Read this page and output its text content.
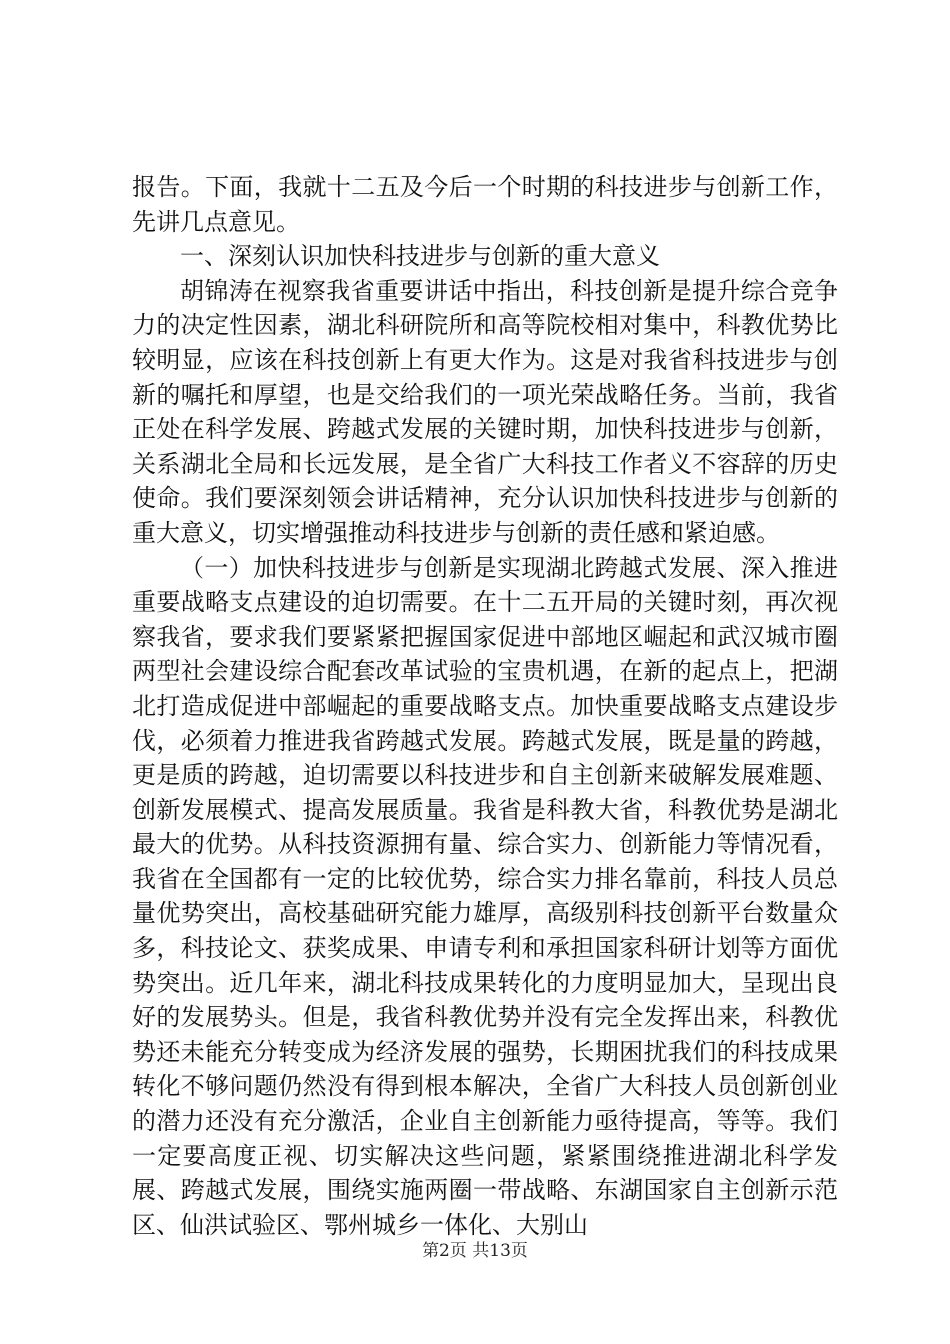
报告。下面，我就十二五及今后一个时期的科技进步与创新工作，先讲几点意见。

一、深刻认识加快科技进步与创新的重大意义

胡锦涛在视察我省重要讲话中指出，科技创新是提升综合竞争力的决定性因素，湖北科研院所和高等院校相对集中，科教优势比较明显，应该在科技创新上有更大作为。这是对我省科技进步与创新的嘱托和厚望，也是交给我们的一项光荣战略任务。当前，我省正处在科学发展、跨越式发展的关键时期，加快科技进步与创新，关系湖北全局和长远发展，是全省广大科技工作者义不容辞的历史使命。我们要深刻领会讲话精神，充分认识加快科技进步与创新的重大意义，切实增强推动科技进步与创新的责任感和紧迫感。

（一）加快科技进步与创新是实现湖北跨越式发展、深入推进重要战略支点建设的迫切需要。在十二五开局的关键时刻，再次视察我省，要求我们要紧紧把握国家促进中部地区崛起和武汉城市圈两型社会建设综合配套改革试验的宝贵机遇，在新的起点上，把湖北打造成促进中部崛起的重要战略支点。加快重要战略支点建设步伐，必须着力推进我省跨越式发展。跨越式发展，既是量的跨越，更是质的跨越，迫切需要以科技进步和自主创新来破解发展难题、创新发展模式、提高发展质量。我省是科教大省，科教优势是湖北最大的优势。从科技资源拥有量、综合实力、创新能力等情况看，我省在全国都有一定的比较优势，综合实力排名靠前，科技人员总量优势突出，高校基础研究能力雄厚，高级别科技创新平台数量众多，科技论文、获奖成果、申请专利和承担国家科研计划等方面优势突出。近几年来，湖北科技成果转化的力度明显加大，呈现出良好的发展势头。但是，我省科教优势并没有完全发挥出来，科教优势还未能充分转变成为经济发展的强势，长期困扰我们的科技成果转化不够问题仍然没有得到根本解决，全省广大科技人员创新创业的潜力还没有充分激活，企业自主创新能力亟待提高，等等。我们一定要高度正视、切实解决这些问题，紧紧围绕推进湖北科学发展、跨越式发展，围绕实施两圈一带战略、东湖国家自主创新示范区、仙洪试验区、鄂州城乡一体化、大别山

第2页 共13页
